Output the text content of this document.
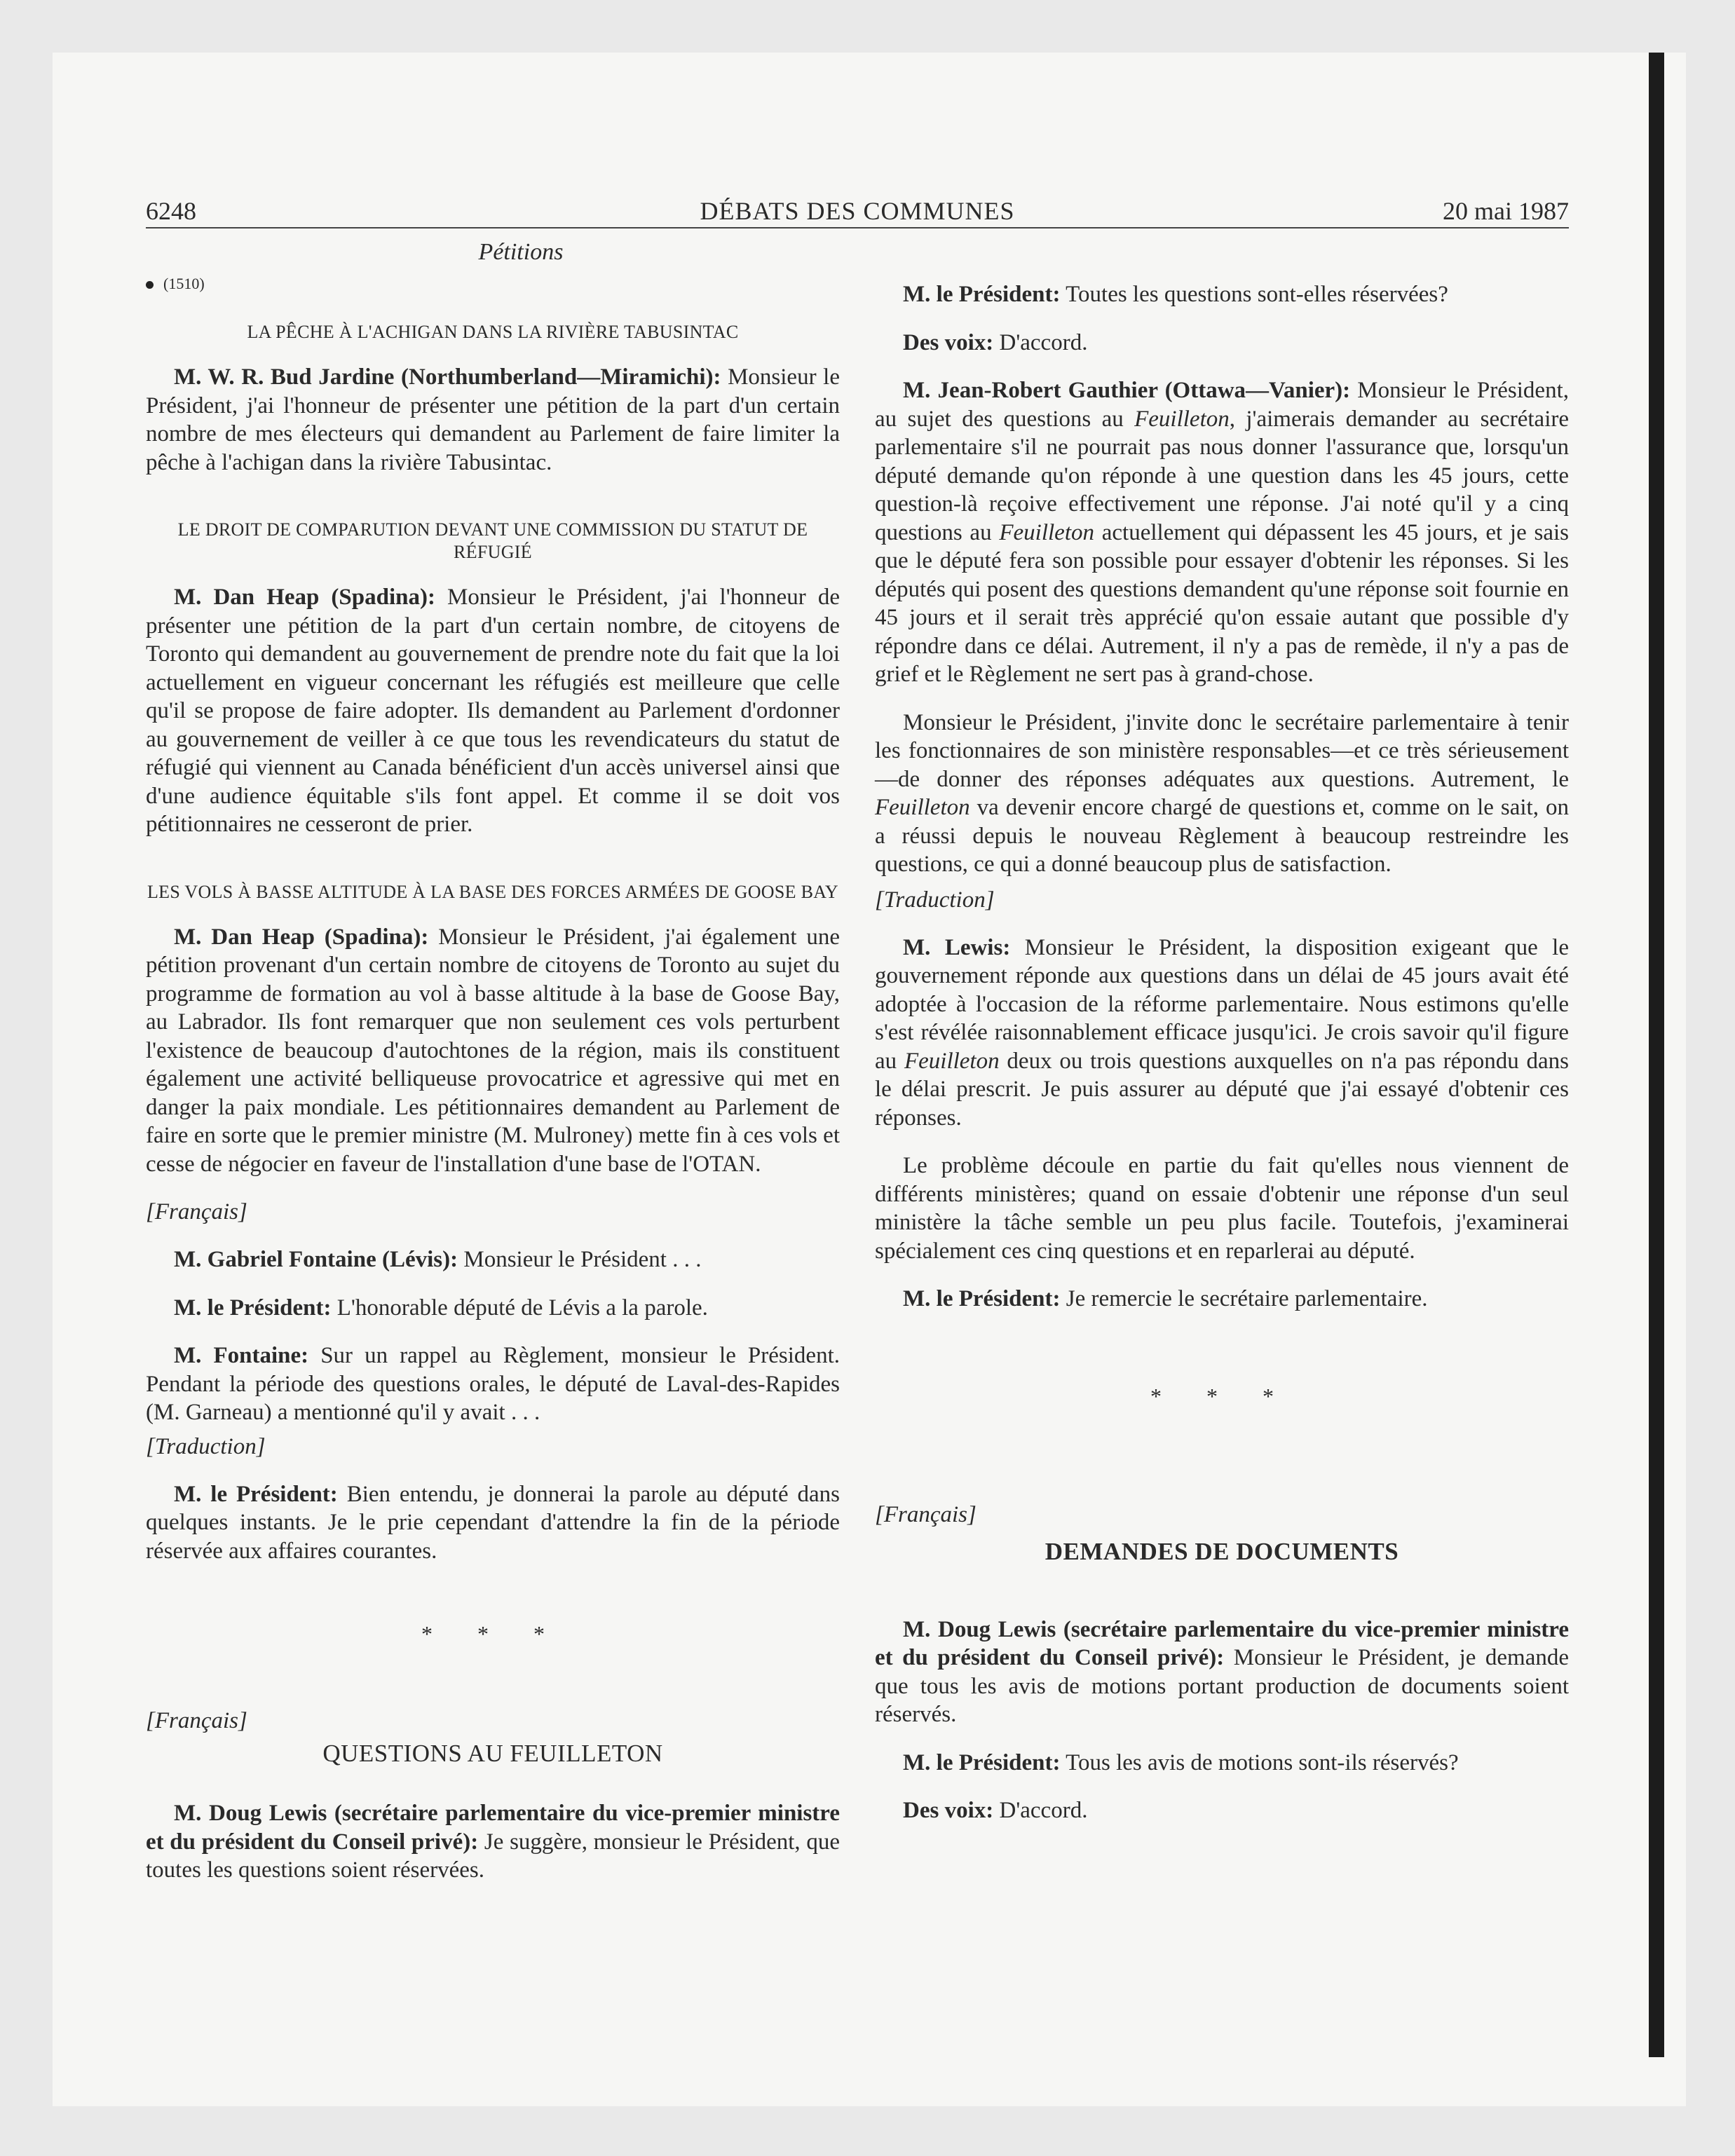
6248	DÉBATS DES COMMUNES	20 mai 1987
Pétitions
(1510)
LA PÊCHE À L'ACHIGAN DANS LA RIVIÈRE TABUSINTAC

M. W. R. Bud Jardine (Northumberland—Miramichi): Monsieur le Président, j'ai l'honneur de présenter une pétition de la part d'un certain nombre de mes électeurs qui demandent au Parlement de faire limiter la pêche à l'achigan dans la rivière Tabusintac.

LE DROIT DE COMPARUTION DEVANT UNE COMMISSION DU STATUT DE RÉFUGIÉ

M. Dan Heap (Spadina): Monsieur le Président, j'ai l'honneur de présenter une pétition de la part d'un certain nombre, de citoyens de Toronto qui demandent au gouvernement de prendre note du fait que la loi actuellement en vigueur concernant les réfugiés est meilleure que celle qu'il se propose de faire adopter. Ils demandent au Parlement d'ordonner au gouvernement de veiller à ce que tous les revendicateurs du statut de réfugié qui viennent au Canada bénéficient d'un accès universel ainsi que d'une audience équitable s'ils font appel. Et comme il se doit vos pétitionnaires ne cesseront de prier.

LES VOLS À BASSE ALTITUDE À LA BASE DES FORCES ARMÉES DE GOOSE BAY

M. Dan Heap (Spadina): Monsieur le Président, j'ai également une pétition provenant d'un certain nombre de citoyens de Toronto au sujet du programme de formation au vol à basse altitude à la base de Goose Bay, au Labrador. Ils font remarquer que non seulement ces vols perturbent l'existence de beaucoup d'autochtones de la région, mais ils constituent également une activité belliqueuse provocatrice et agressive qui met en danger la paix mondiale. Les pétitionnaires demandent au Parlement de faire en sorte que le premier ministre (M. Mulroney) mette fin à ces vols et cesse de négocier en faveur de l'installation d'une base de l'OTAN.

[Français]

M. Gabriel Fontaine (Lévis): Monsieur le Président . . .

M. le Président: L'honorable député de Lévis a la parole.

M. Fontaine: Sur un rappel au Règlement, monsieur le Président. Pendant la période des questions orales, le député de Laval-des-Rapides (M. Garneau) a mentionné qu'il y avait . . .

[Traduction]

M. le Président: Bien entendu, je donnerai la parole au député dans quelques instants. Je le prie cependant d'attendre la fin de la période réservée aux affaires courantes.

* * *
[Français]
QUESTIONS AU FEUILLETON

M. Doug Lewis (secrétaire parlementaire du vice-premier ministre et du président du Conseil privé): Je suggère, monsieur le Président, que toutes les questions soient réservées.

M. le Président: Toutes les questions sont-elles réservées?

Des voix: D'accord.

M. Jean-Robert Gauthier (Ottawa—Vanier): Monsieur le Président, au sujet des questions au Feuilleton, j'aimerais demander au secrétaire parlementaire s'il ne pourrait pas nous donner l'assurance que, lorsqu'un député demande qu'on réponde à une question dans les 45 jours, cette question-là reçoive effectivement une réponse. J'ai noté qu'il y a cinq questions au Feuilleton actuellement qui dépassent les 45 jours, et je sais que le député fera son possible pour essayer d'obtenir les réponses. Si les députés qui posent des questions demandent qu'une réponse soit fournie en 45 jours et il serait très apprécié qu'on essaie autant que possible d'y répondre dans ce délai. Autrement, il n'y a pas de remède, il n'y a pas de grief et le Règlement ne sert pas à grand-chose.

Monsieur le Président, j'invite donc le secrétaire parlementaire à tenir les fonctionnaires de son ministère responsables—et ce très sérieusement—de donner des réponses adéquates aux questions. Autrement, le Feuilleton va devenir encore chargé de questions et, comme on le sait, on a réussi depuis le nouveau Règlement à beaucoup restreindre les questions, ce qui a donné beaucoup plus de satisfaction.

[Traduction]

M. Lewis: Monsieur le Président, la disposition exigeant que le gouvernement réponde aux questions dans un délai de 45 jours avait été adoptée à l'occasion de la réforme parlementaire. Nous estimons qu'elle s'est révélée raisonnablement efficace jusqu'ici. Je crois savoir qu'il figure au Feuilleton deux ou trois questions auxquelles on n'a pas répondu dans le délai prescrit. Je puis assurer au député que j'ai essayé d'obtenir ces réponses.

Le problème découle en partie du fait qu'elles nous viennent de différents ministères; quand on essaie d'obtenir une réponse d'un seul ministère la tâche semble un peu plus facile. Toutefois, j'examinerai spécialement ces cinq questions et en reparlerai au député.

M. le Président: Je remercie le secrétaire parlementaire.

* * *
[Français]
DEMANDES DE DOCUMENTS

M. Doug Lewis (secrétaire parlementaire du vice-premier ministre et du président du Conseil privé): Monsieur le Président, je demande que tous les avis de motions portant production de documents soient réservés.

M. le Président: Tous les avis de motions sont-ils réservés?

Des voix: D'accord.
